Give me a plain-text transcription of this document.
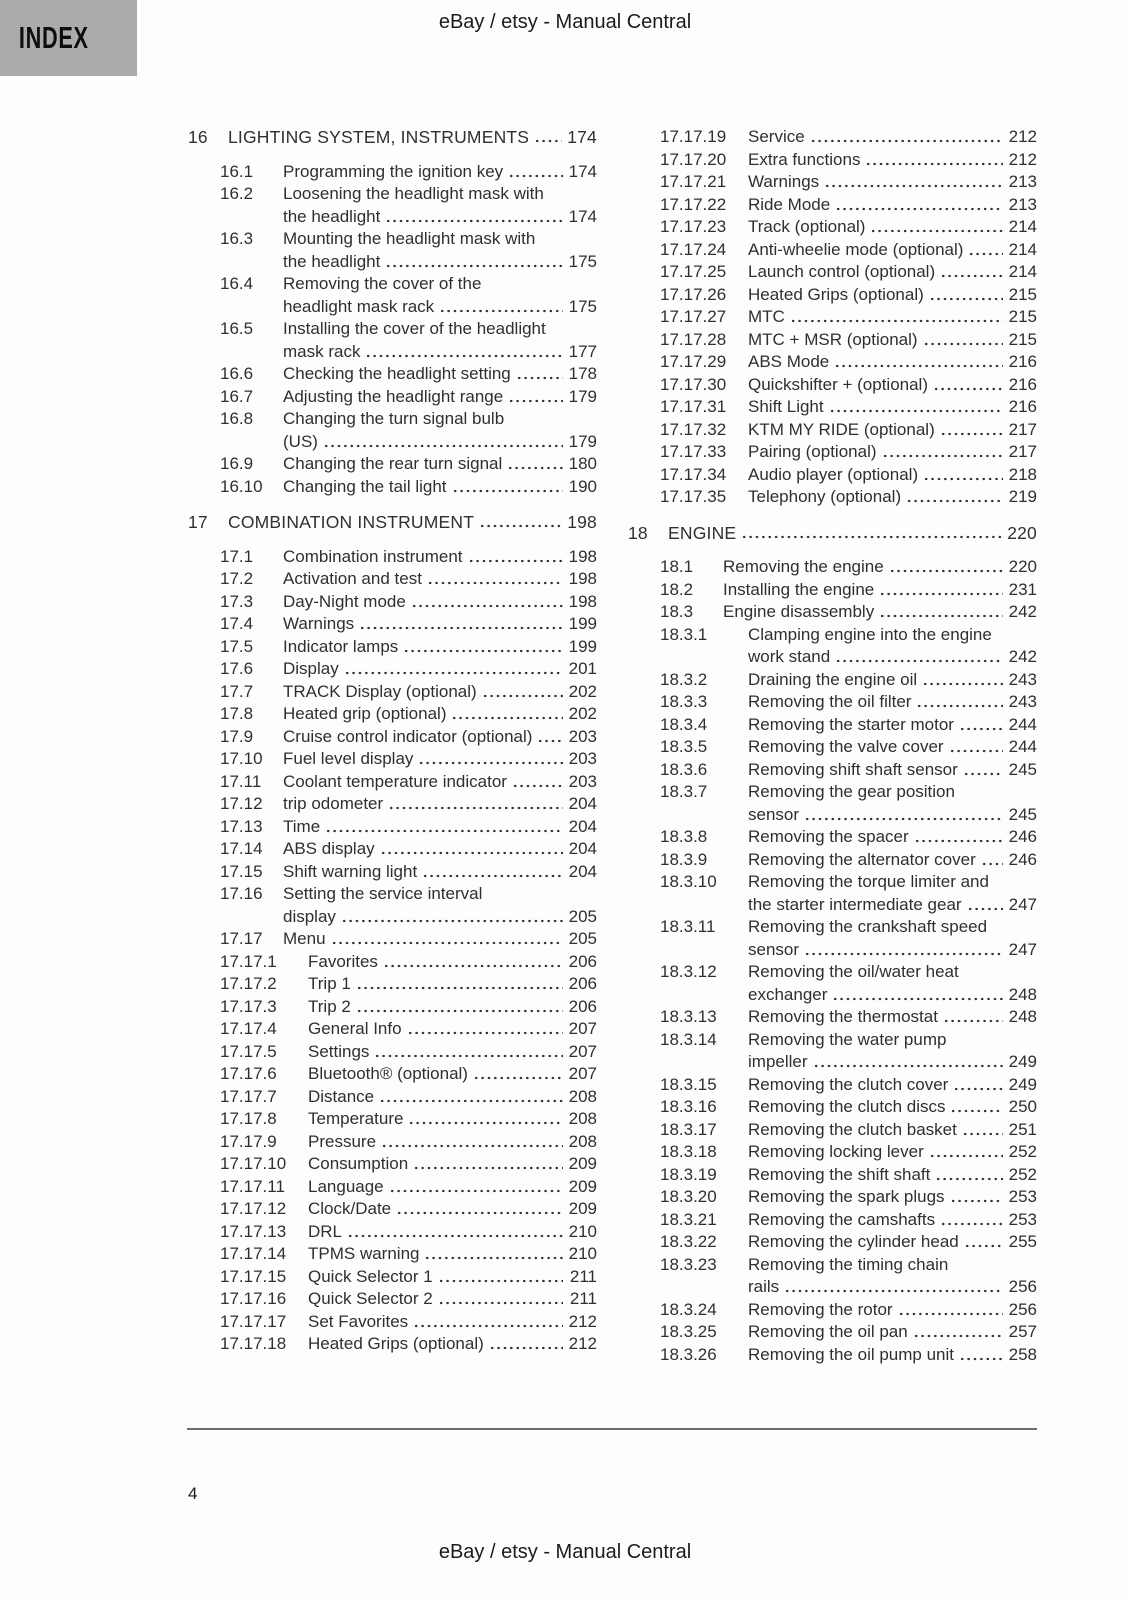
INDEX	eBay / etsy - Manual Central
16	LIGHTING SYSTEM, INSTRUMENTS 174
16.1	Programming the ignition key	174
16.2	Loosening the headlight mask with
the headlight	174
16.3	Mounting the headlight mask with
the headlight	175
16.4	Removing the cover of the
headlight mask rack	175
16.5	Installing the cover of the headlight
mask rack	177
16.6	Checking the headlight setting	178
16.7	Adjusting the headlight range	179
16.8	Changing the turn signal bulb
(US)	179
16.9	Changing the rear turn signal	180
16.10	Changing the tail light	190
17	COMBINATION INSTRUMENT	198
17.1	Combination instrument	198
17.2	Activation and test	198
17.3	Day-Night mode	198
17.4	Warnings	199
17.5	Indicator lamps	199
17.6	Display	201
17.7	TRACK Display (optional)	202
17.8	Heated grip (optional)	202
17.9	Cruise control indicator (optional) 203
17.10	Fuel level display	203
17.11	Coolant temperature indicator	203
17.12	trip odometer	204
17.13	Time	204
17.14	ABS display	204
17.15	Shift warning light	204
17.16	Setting the service interval
display	205
17.17	Menu	205
17.17.1	Favorites	206
17.17.2	Trip 1	206
17.17.3	Trip 2	206
17.17.4	General Info	207
17.17.5	Settings	207
17.17.6	Bluetooth® (optional)	207
17.17.7	Distance	208
17.17.8	Temperature	208
17.17.9	Pressure	208
17.17.10	Consumption	209
17.17.11	Language	209
17.17.12	Clock/Date	209
17.17.13	DRL	210
17.17.14	TPMS warning	210
17.17.15	Quick Selector 1	211
17.17.16	Quick Selector 2	211
17.17.17	Set Favorites	212
17.17.18	Heated Grips (optional)	212
17.17.19	Service	212
17.17.20	Extra functions	212
17.17.21	Warnings	213
17.17.22	Ride Mode	213
17.17.23	Track (optional)	214
17.17.24	Anti-wheelie mode (optional)	214
17.17.25	Launch control (optional)	214
17.17.26	Heated Grips (optional)	215
17.17.27	MTC	215
17.17.28	MTC + MSR (optional)	215
17.17.29	ABS Mode	216
17.17.30	Quickshifter + (optional)	216
17.17.31	Shift Light	216
17.17.32	KTM MY RIDE (optional)	217
17.17.33	Pairing (optional)	217
17.17.34	Audio player (optional)	218
17.17.35	Telephony (optional)	219
18	ENGINE	220
18.1	Removing the engine	220
18.2	Installing the engine	231
18.3	Engine disassembly	242
18.3.1	Clamping engine into the engine
work stand	242
18.3.2	Draining the engine oil	243
18.3.3	Removing the oil filter	243
18.3.4	Removing the starter motor	244
18.3.5	Removing the valve cover	244
18.3.6	Removing shift shaft sensor	245
18.3.7	Removing the gear position
sensor	245
18.3.8	Removing the spacer	246
18.3.9	Removing the alternator cover 246
18.3.10	Removing the torque limiter and
the starter intermediate gear	247
18.3.11	Removing the crankshaft speed
sensor	247
18.3.12	Removing the oil/water heat
exchanger	248
18.3.13	Removing the thermostat	248
18.3.14	Removing the water pump
impeller	249
18.3.15	Removing the clutch cover	249
18.3.16	Removing the clutch discs	250
18.3.17	Removing the clutch basket	251
18.3.18	Removing locking lever	252
18.3.19	Removing the shift shaft	252
18.3.20	Removing the spark plugs	253
18.3.21	Removing the camshafts	253
18.3.22	Removing the cylinder head	255
18.3.23	Removing the timing chain
rails	256
18.3.24	Removing the rotor	256
18.3.25	Removing the oil pan	257
18.3.26	Removing the oil pump unit	258
4
eBay / etsy - Manual Central
